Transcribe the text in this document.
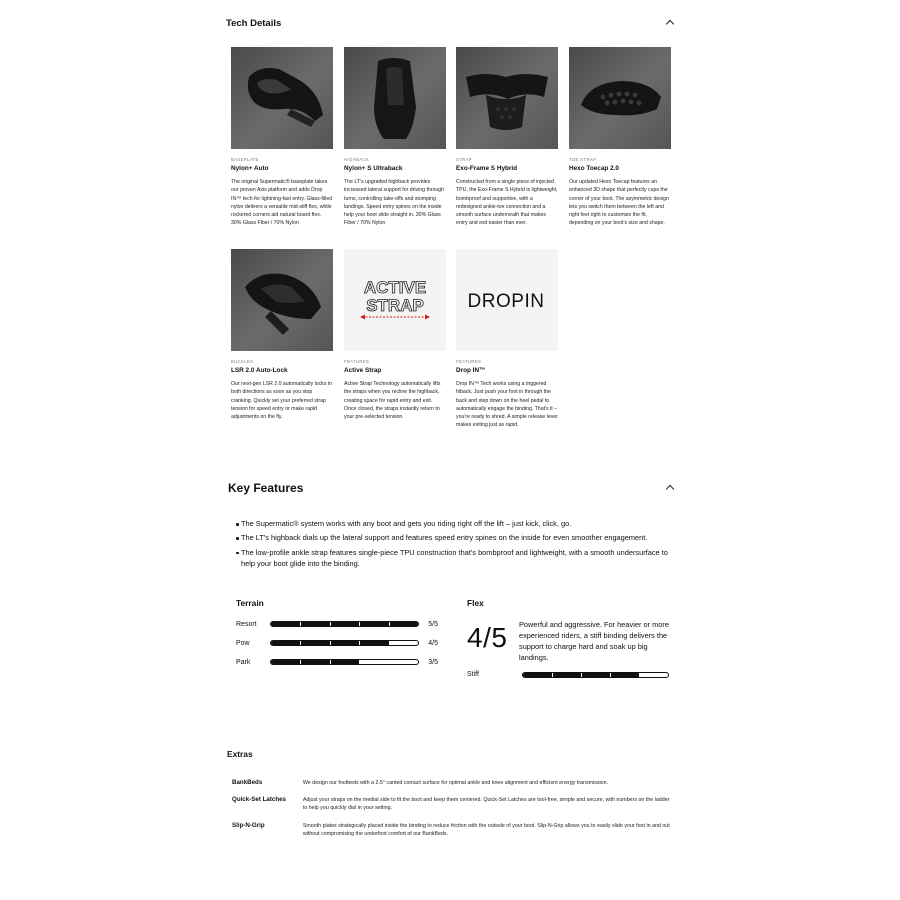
Tech Details
BASEPLATE
Nylon+ Auto
The original Supermatic® baseplate takes our proven Axis platform and adds Drop IN™ tech for lightning-fast entry. Glass-filled nylon delivers a versatile mid-stiff flex, while rockered corners aid natural board flex. 30% Glass Fiber / 70% Nylon
HIGHBACK
Nylon+ S Ultraback
The LT's upgraded highback provides increased lateral support for driving through turns, controlling take-offs and stomping landings. Speed entry spines on the inside help your boot slide straight in. 30% Glass Fiber / 70% Nylon
STRAP
Exo-Frame S Hybrid
Constructed from a single piece of injected TPU, the Exo-Frame S Hybrid is lightweight, bombproof and supportive, with a redesigned ankle-toe connection and a smooth surface underneath that makes entry and exit easier than ever.
TOE STRAP
Hexo Toecap 2.0
Our updated Hexo Toecap features an enhanced 3D shape that perfectly cups the corner of your boot. The asymmetric design lets you switch them between the left and right feet right to customize the fit, depending on your boot's size and shape.
BUCKLES
LSR 2.0 Auto-Lock
Our next-gen LSR 2.0 automatically locks in both directions as soon as you stop cranking. Quickly set your preferred strap tension for speed entry or make rapid adjustments on the fly.
ACTIVE
STRAP
FEATURES
Active Strap
Active Strap Technology automatically lifts the straps when you recline the highback, creating space for rapid entry and exit. Once closed, the straps instantly return to your pre-selected tension.
DROPIN
FEATURES
Drop IN™
Drop IN™ Tech works using a triggered hiback. Just push your foot in through the back and step down on the heel pedal to automatically engage the binding. That's it – you're ready to shred. A simple release lever makes exiting just as rapid.
Key Features
The Supermatic® system works with any boot and gets you riding right off the lift – just kick, click, go.
The LT's highback dials up the lateral support and features speed entry spines on the inside for even smoother engagement.
The low-profile ankle strap features single-piece TPU construction that's bombproof and lightweight, with a smooth undersurface to help your boot glide into the binding.
Terrain
Resort	5/5
Pow	4/5
Park	3/5
Flex
4/5 Powerful and aggressive. For heavier or more experienced riders, a stiff binding delivers the support to charge hard and soak up big landings.
Stiff
Extras
BankBeds	We design our footbeds with a 2.5° canted contact surface for optimal ankle and knee alignment and efficient energy transmission.
Quick-Set Latches	Adjust your straps on the medial side to fit the boot and keep them centered. Quick-Set Latches are tool-free, simple and secure, with numbers on the ladder to help you quickly dial in your setting.
Slip-N-Grip	Smooth plates strategically placed inside the binding to reduce friction with the outsole of your boot. Slip-N-Grip allows you to easily slide your foot in and out without compromising the underfoot comfort of our BankBeds.
